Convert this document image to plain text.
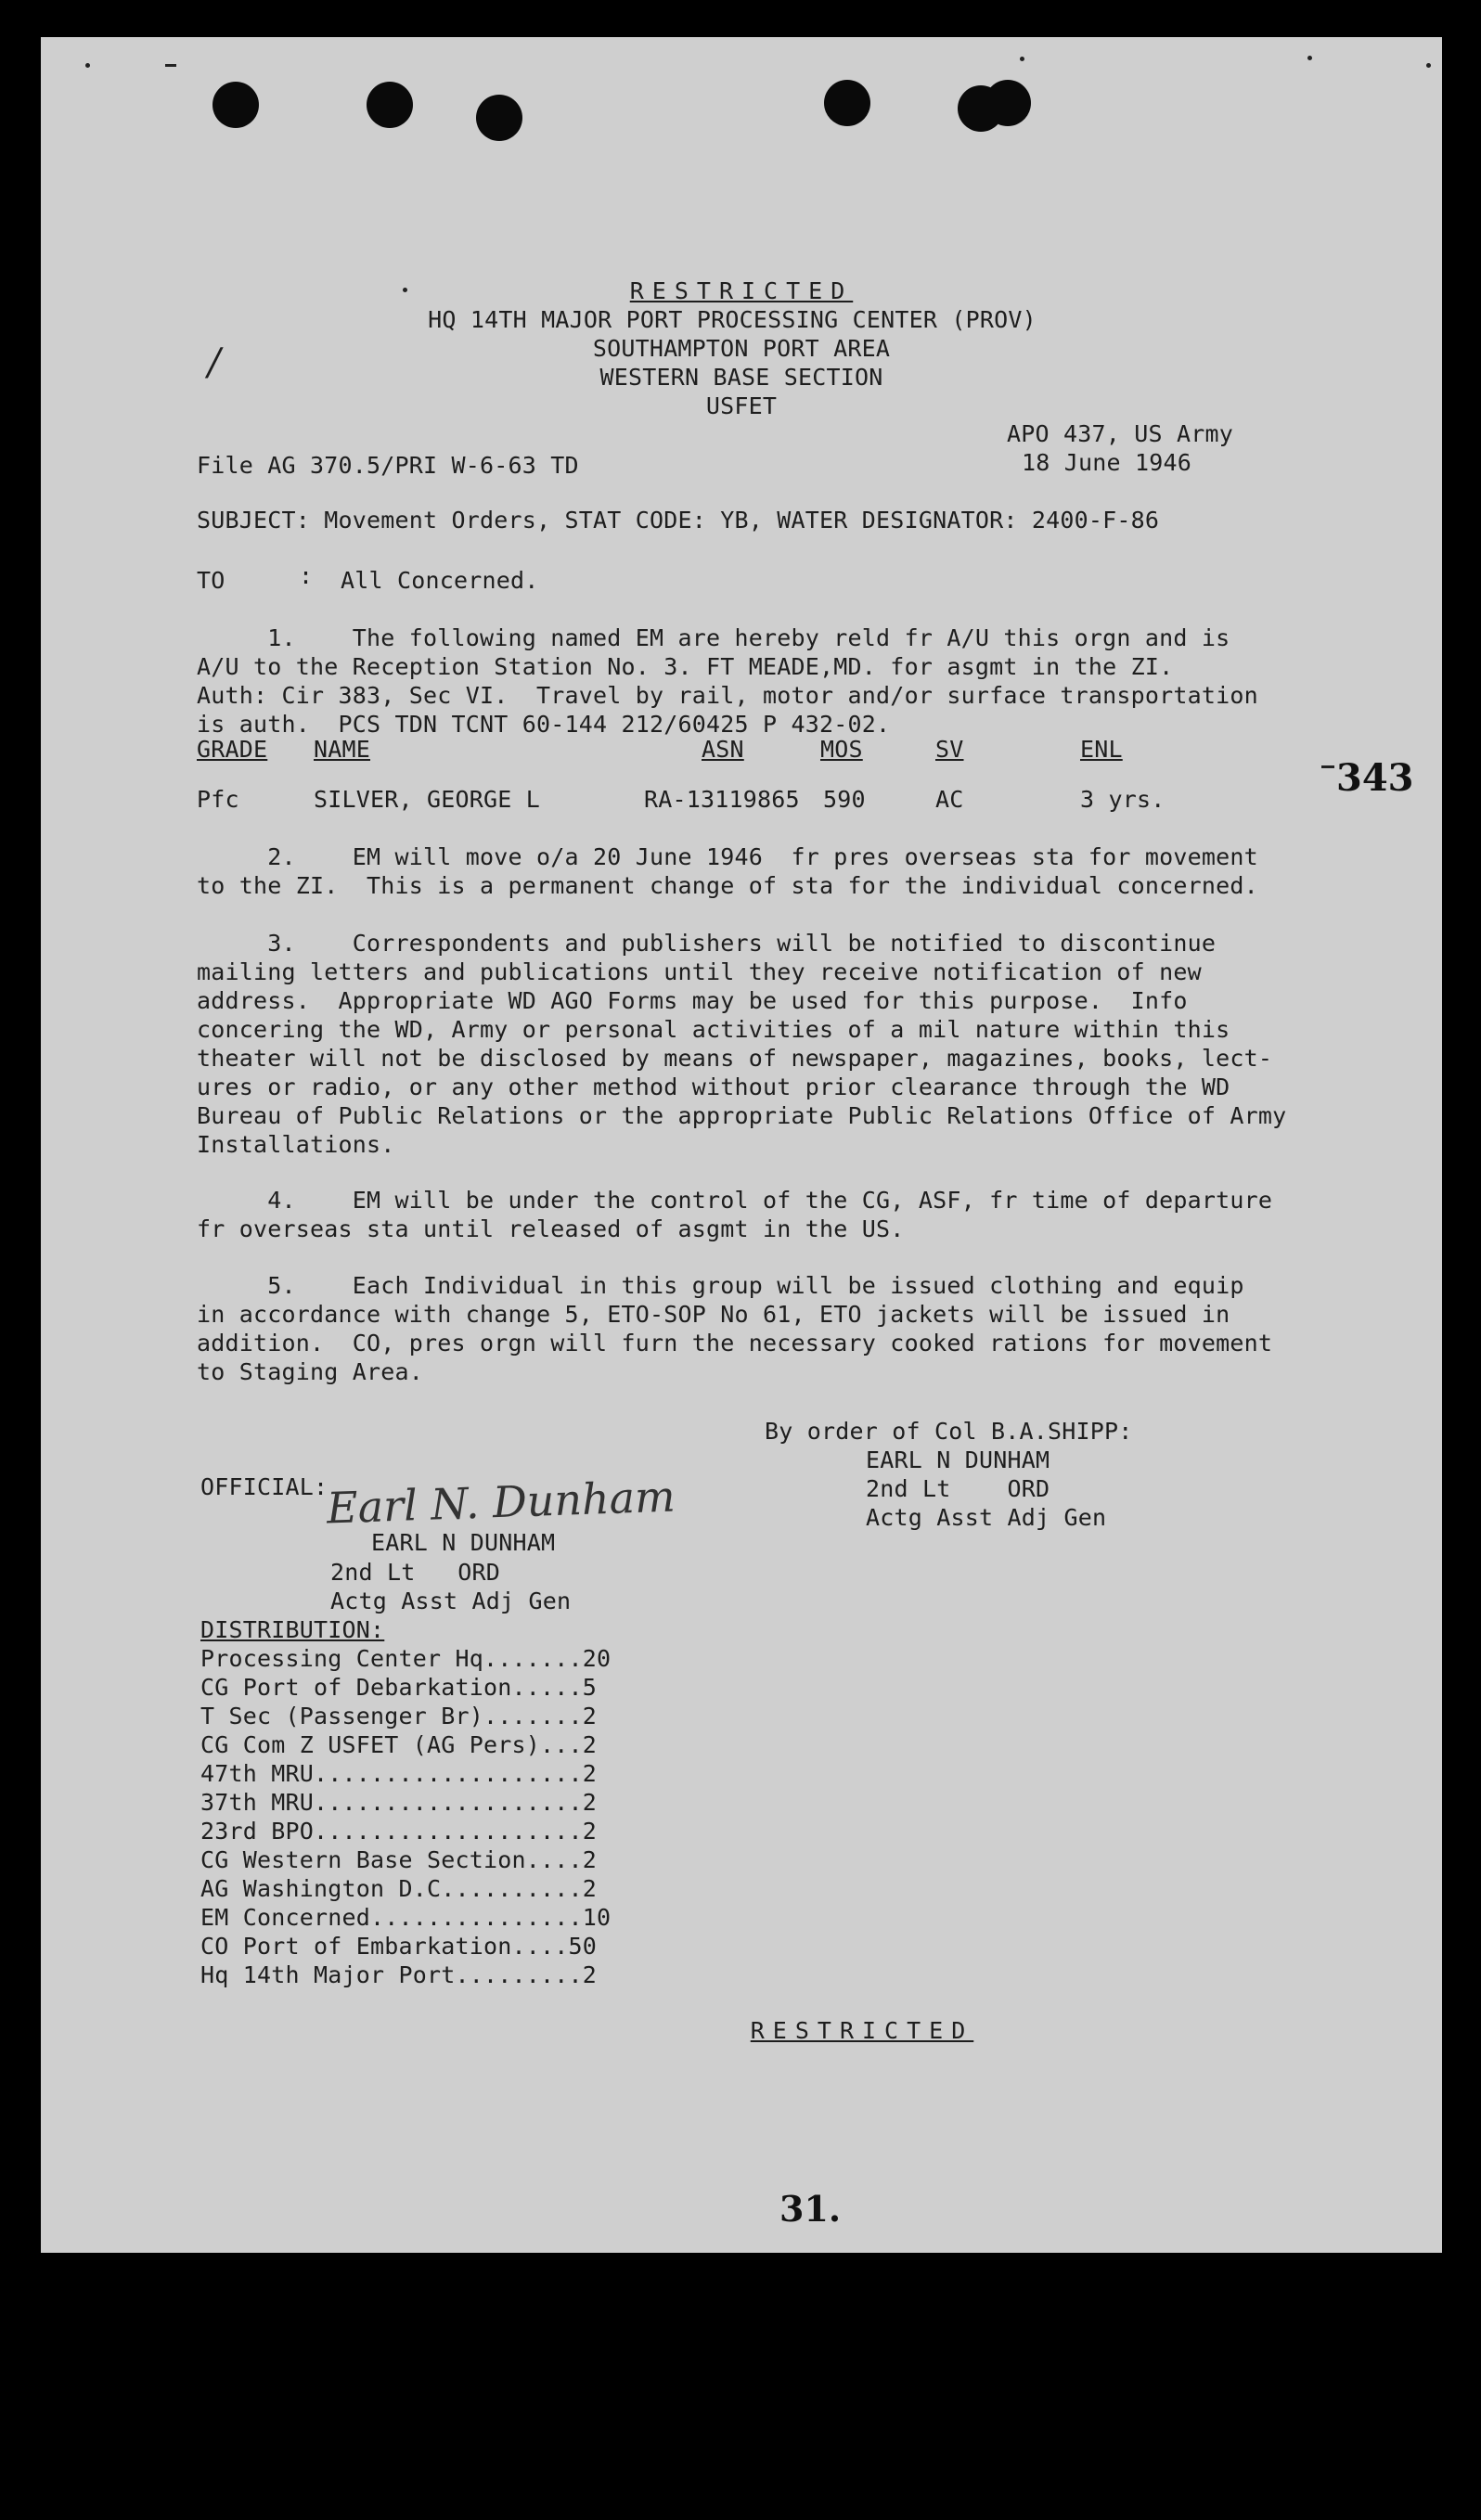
RESTRICTED
HQ 14TH MAJOR PORT PROCESSING CENTER (PROV)
SOUTHAMPTON PORT AREA
WESTERN BASE SECTION
USFET
/
APO 437, US Army
18 June 1946
File AG 370.5/PRI W-6-63 TD
SUBJECT: Movement Orders, STAT CODE: YB, WATER DESIGNATOR: 2400-F-86
TO	: All Concerned.
1.    The following named EM are hereby reld fr A/U this orgn and is
A/U to the Reception Station No. 3. FT MEADE,MD. for asgmt in the ZI.
Auth: Cir 383, Sec VI.  Travel by rail, motor and/or surface transportation
is auth.  PCS TDN TCNT 60-144 212/60425 P 432-02.
GRADE NAME	ASN	MOS	SV	ENL
Pfc	SILVER, GEORGE L	RA-13119865 590	AC	3 yrs.	343
2.    EM will move o/a 20 June 1946  fr pres overseas sta for movement
to the ZI.  This is a permanent change of sta for the individual concerned.
3.    Correspondents and publishers will be notified to discontinue
mailing letters and publications until they receive notification of new
address.  Appropriate WD AGO Forms may be used for this purpose.  Info
concering the WD, Army or personal activities of a mil nature within this
theater will not be disclosed by means of newspaper, magazines, books, lect-
ures or radio, or any other method without prior clearance through the WD
Bureau of Public Relations or the appropriate Public Relations Office of Army
Installations.
4.    EM will be under the control of the CG, ASF, fr time of departure
fr overseas sta until released of asgmt in the US.
5.    Each Individual in this group will be issued clothing and equip
in accordance with change 5, ETO-SOP No 61, ETO jackets will be issued in
addition.  CO, pres orgn will furn the necessary cooked rations for movement
to Staging Area.
By order of Col B.A.SHIPP:
EARL N DUNHAM
2nd Lt    ORD
Actg Asst Adj Gen
OFFICIAL:
Earl N. Dunham
EARL N DUNHAM
2nd Lt   ORD
Actg Asst Adj Gen
DISTRIBUTION:
Processing Center Hq.......20
CG Port of Debarkation.....5
T Sec (Passenger Br).......2
CG Com Z USFET (AG Pers)...2
47th MRU...................2
37th MRU...................2
23rd BPO...................2
CG Western Base Section....2
AG Washington D.C..........2
EM Concerned...............10
CO Port of Embarkation....50
Hq 14th Major Port.........2
RESTRICTED
31.
